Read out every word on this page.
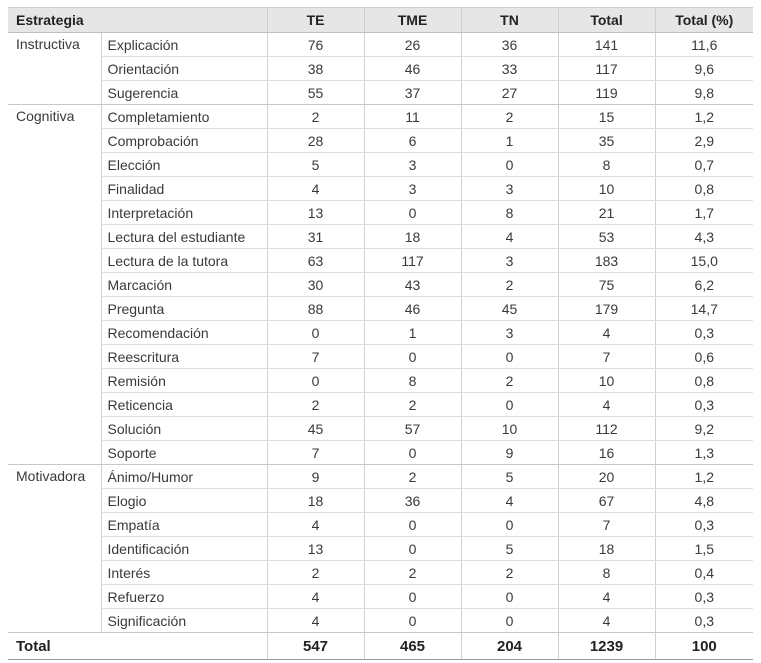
Estrategia		TE	TME	TN	Total	Total (%)
Instructiva	Explicación	76	26	36	141	11,6
	Orientación	38	46	33	117	9,6
	Sugerencia	55	37	27	119	9,8
Cognitiva	Completamiento	2	11	2	15	1,2
	Comprobación	28	6	1	35	2,9
	Elección	5	3	0	8	0,7
	Finalidad	4	3	3	10	0,8
	Interpretación	13	0	8	21	1,7
	Lectura del estudiante	31	18	4	53	4,3
	Lectura de la tutora	63	117	3	183	15,0
	Marcación	30	43	2	75	6,2
	Pregunta	88	46	45	179	14,7
	Recomendación	0	1	3	4	0,3
	Reescritura	7	0	0	7	0,6
	Remisión	0	8	2	10	0,8
	Reticencia	2	2	0	4	0,3
	Solución	45	57	10	112	9,2
	Soporte	7	0	9	16	1,3
Motivadora	Ánimo/Humor	9	2	5	20	1,2
	Elogio	18	36	4	67	4,8
	Empatía	4	0	0	7	0,3
	Identificación	13	0	5	18	1,5
	Interés	2	2	2	8	0,4
	Refuerzo	4	0	0	4	0,3
	Significación	4	0	0	4	0,3
Total		547	465	204	1239	100
